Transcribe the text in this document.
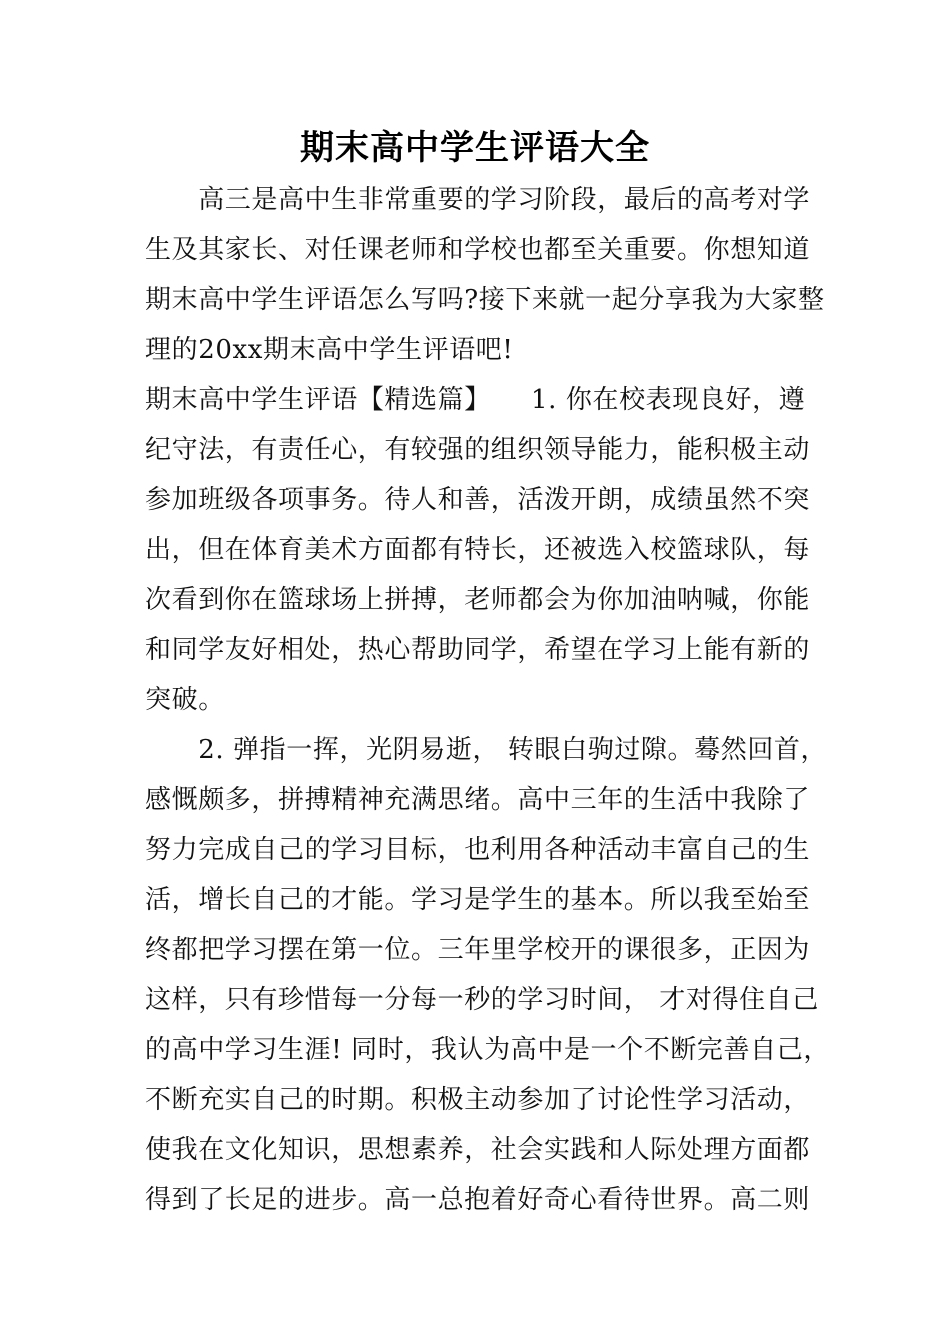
期末高中学生评语大全
　　高三是高中生非常重要的学习阶段，最后的高考对学
生及其家长、对任课老师和学校也都至关重要。你想知道
期末高中学生评语怎么写吗?接下来就一起分享我为大家整
理的20xx期末高中学生评语吧!
期末高中学生评语【精选篇】　　1. 你在校表现良好，遵
纪守法，有责任心，有较强的组织领导能力，能积极主动
参加班级各项事务。待人和善，活泼开朗，成绩虽然不突
出，但在体育美术方面都有特长，还被选入校篮球队，每
次看到你在篮球场上拼搏，老师都会为你加油呐喊，你能
和同学友好相处，热心帮助同学，希望在学习上能有新的
突破。
　　2. 弹指一挥，光阴易逝， 转眼白驹过隙。蓦然回首，
感慨颇多，拼搏精神充满思绪。高中三年的生活中我除了
努力完成自己的学习目标，也利用各种活动丰富自己的生
活，增长自己的才能。学习是学生的基本。所以我至始至
终都把学习摆在第一位。三年里学校开的课很多，正因为
这样，只有珍惜每一分每一秒的学习时间， 才对得住自己
的高中学习生涯! 同时，我认为高中是一个不断完善自己，
不断充实自己的时期。积极主动参加了讨论性学习活动，
使我在文化知识，思想素养，社会实践和人际处理方面都
得到了长足的进步。高一总抱着好奇心看待世界。高二则
